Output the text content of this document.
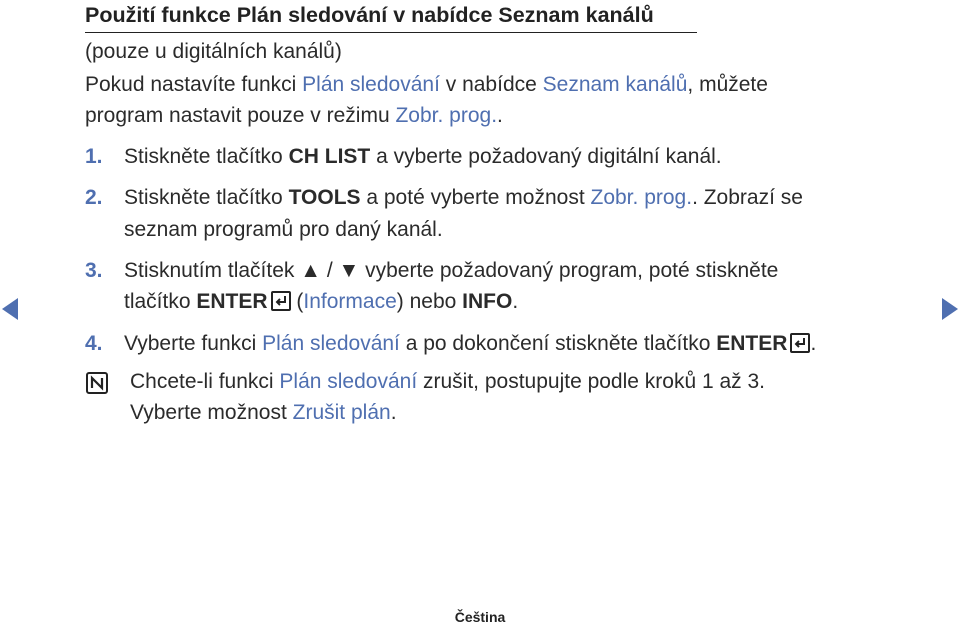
Použití funkce Plán sledování v nabídce Seznam kanálů
(pouze u digitálních kanálů)
Pokud nastavíte funkci Plán sledování v nabídce Seznam kanálů, můžete
program nastavit pouze v režimu Zobr. prog..
1. Stiskněte tlačítko CH LIST a vyberte požadovaný digitální kanál.
2. Stiskněte tlačítko TOOLS a poté vyberte možnost Zobr. prog.. Zobrazí se
seznam programů pro daný kanál.
3. Stisknutím tlačítek ▲ / ▼ vyberte požadovaný program, poté stiskněte
tlačítko ENTER
(Informace) nebo INFO.
4. Vyberte funkci Plán sledování a po dokončení stiskněte tlačítko ENTER .
Chcete-li funkci Plán sledování zrušit, postupujte podle kroků 1 až 3.
Vyberte možnost Zrušit plán.
Čeština
